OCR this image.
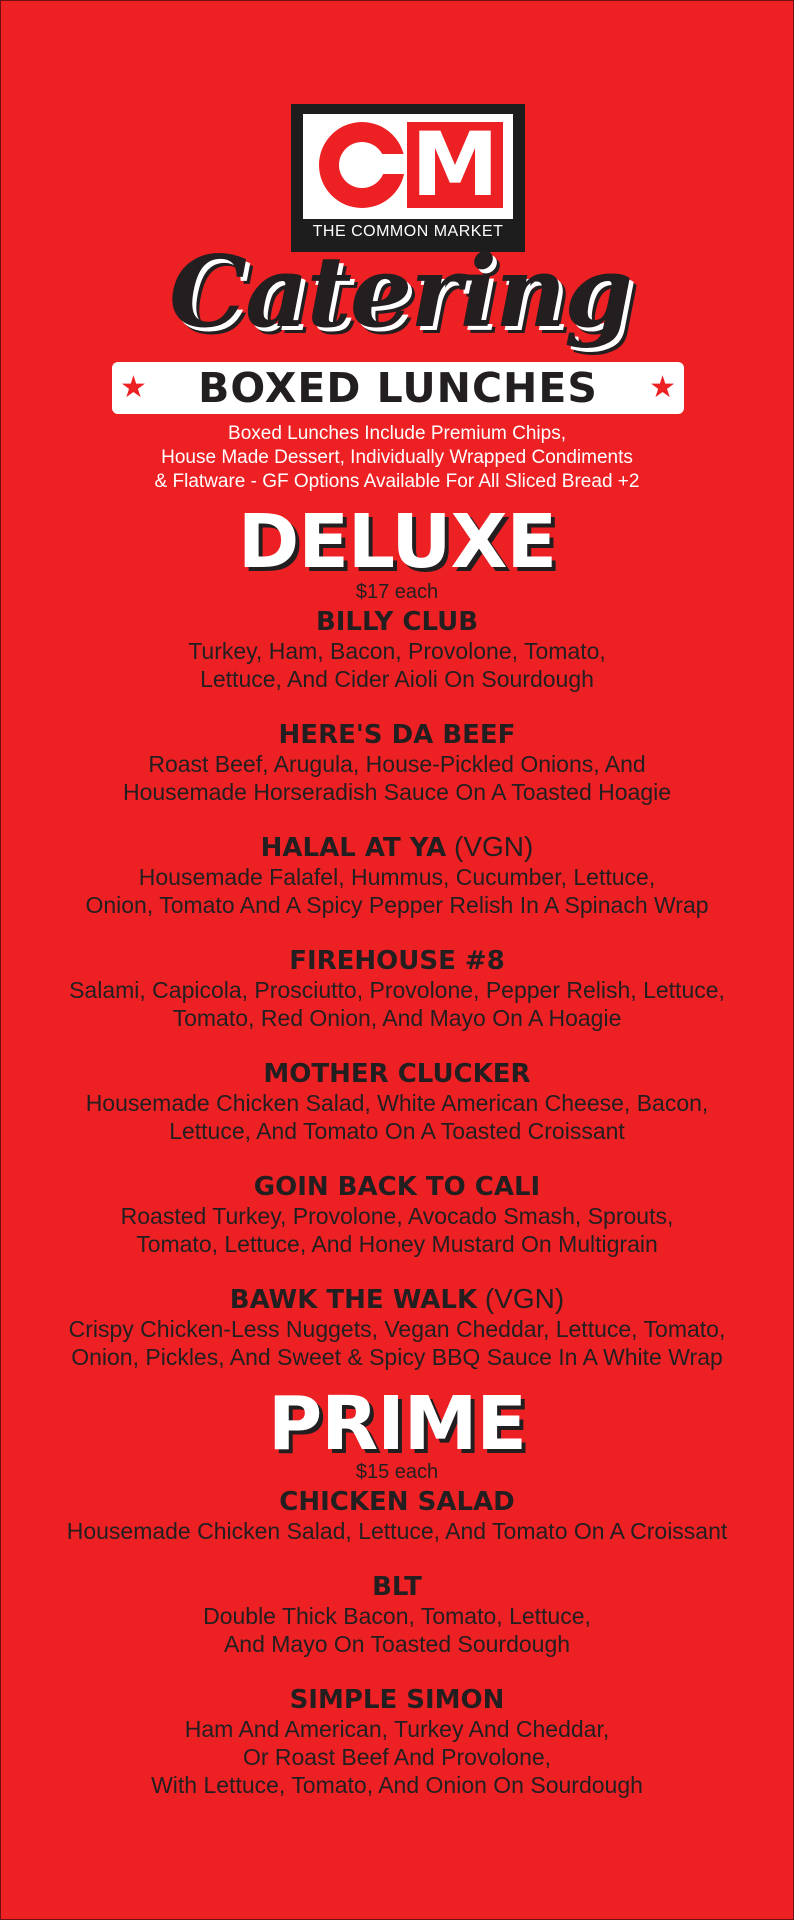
M
THE COMMON MARKET
Catering
★	BOXED LUNCHES	★
Boxed Lunches Include Premium Chips,
House Made Dessert, Individually Wrapped Condiments
& Flatware - GF Options Available For All Sliced Bread +2
DELUXE
$17 each
BILLY CLUB
Turkey, Ham, Bacon, Provolone, Tomato,
Lettuce, And Cider Aioli On Sourdough
HERE'S DA BEEF
Roast Beef, Arugula, House-Pickled Onions, And
Housemade Horseradish Sauce On A Toasted Hoagie
HALAL AT YA (VGN)
Housemade Falafel, Hummus, Cucumber, Lettuce,
Onion, Tomato And A Spicy Pepper Relish In A Spinach Wrap
FIREHOUSE #8
Salami, Capicola, Prosciutto, Provolone, Pepper Relish, Lettuce,
Tomato, Red Onion, And Mayo On A Hoagie
MOTHER CLUCKER
Housemade Chicken Salad, White American Cheese, Bacon,
Lettuce, And Tomato On A Toasted Croissant
GOIN BACK TO CALI
Roasted Turkey, Provolone, Avocado Smash, Sprouts,
Tomato, Lettuce, And Honey Mustard On Multigrain
BAWK THE WALK (VGN)
Crispy Chicken-Less Nuggets, Vegan Cheddar, Lettuce, Tomato,
Onion, Pickles, And Sweet & Spicy BBQ Sauce In A White Wrap
PRIME
$15 each
CHICKEN SALAD
Housemade Chicken Salad, Lettuce, And Tomato On A Croissant
BLT
Double Thick Bacon, Tomato, Lettuce,
And Mayo On Toasted Sourdough
SIMPLE SIMON
Ham And American, Turkey And Cheddar,
Or Roast Beef And Provolone,
With Lettuce, Tomato, And Onion On Sourdough
